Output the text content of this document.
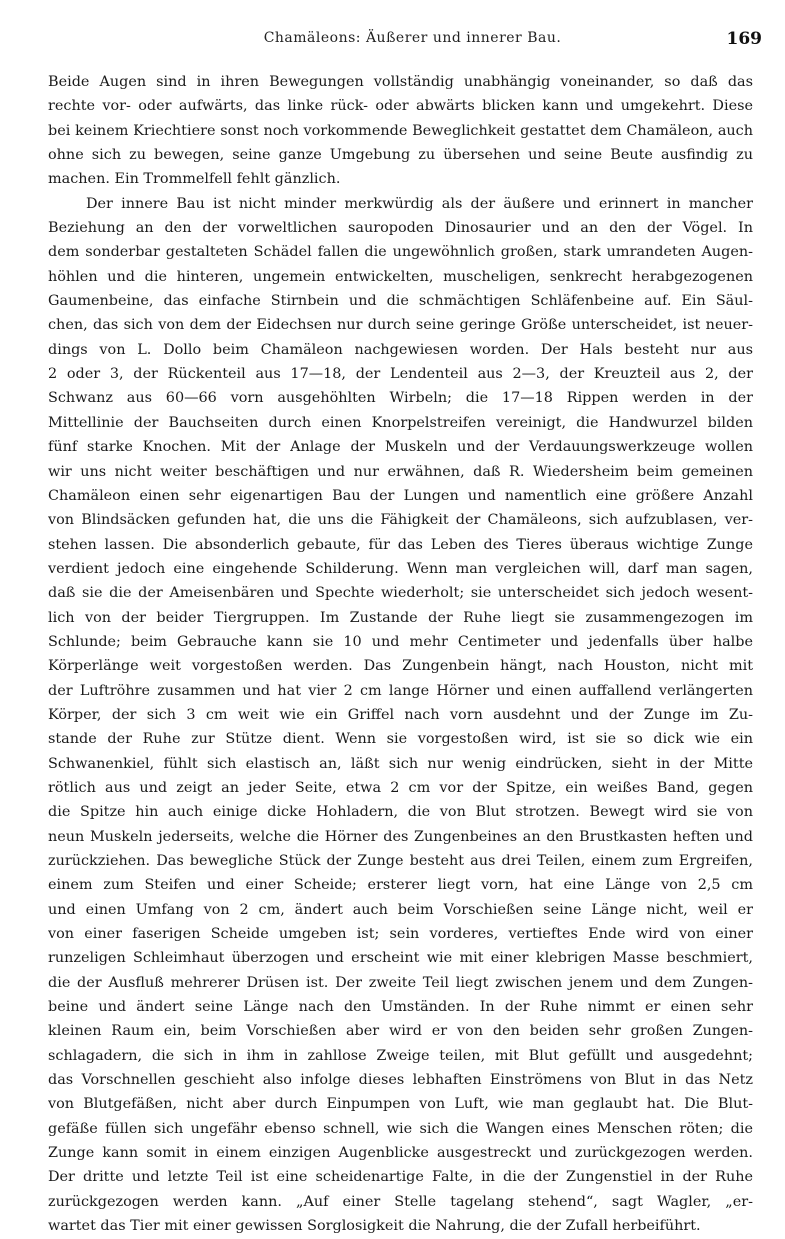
Chamäleons: Äußerer und innerer Bau.	169
Beide Augen sind in ihren Bewegungen vollständig unabhängig voneinander, so daß das
rechte vor- oder aufwärts, das linke rück- oder abwärts blicken kann und umgekehrt. Diese
bei keinem Kriechtiere sonst noch vorkommende Beweglichkeit gestattet dem Chamäleon, auch
ohne sich zu bewegen, seine ganze Umgebung zu übersehen und seine Beute ausfindig zu
machen. Ein Trommelfell fehlt gänzlich.
Der innere Bau ist nicht minder merkwürdig als der äußere und erinnert in mancher
Beziehung an den der vorweltlichen sauropoden Dinosaurier und an den der Vögel. In
dem sonderbar gestalteten Schädel fallen die ungewöhnlich großen, stark umrandeten Augen-
höhlen und die hinteren, ungemein entwickelten, muscheligen, senkrecht herabgezogenen
Gaumenbeine, das einfache Stirnbein und die schmächtigen Schläfenbeine auf. Ein Säul-
chen, das sich von dem der Eidechsen nur durch seine geringe Größe unterscheidet, ist neuer-
dings von L. Dollo beim Chamäleon nachgewiesen worden. Der Hals besteht nur aus
2 oder 3, der Rückenteil aus 17—18, der Lendenteil aus 2—3, der Kreuzteil aus 2, der
Schwanz aus 60—66 vorn ausgehöhlten Wirbeln; die 17—18 Rippen werden in der
Mittellinie der Bauchseiten durch einen Knorpelstreifen vereinigt, die Handwurzel bilden
fünf starke Knochen. Mit der Anlage der Muskeln und der Verdauungswerkzeuge wollen
wir uns nicht weiter beschäftigen und nur erwähnen, daß R. Wiedersheim beim gemeinen
Chamäleon einen sehr eigenartigen Bau der Lungen und namentlich eine größere Anzahl
von Blindsäcken gefunden hat, die uns die Fähigkeit der Chamäleons, sich aufzublasen, ver-
stehen lassen. Die absonderlich gebaute, für das Leben des Tieres überaus wichtige Zunge
verdient jedoch eine eingehende Schilderung. Wenn man vergleichen will, darf man sagen,
daß sie die der Ameisenbären und Spechte wiederholt; sie unterscheidet sich jedoch wesent-
lich von der beider Tiergruppen. Im Zustande der Ruhe liegt sie zusammengezogen im
Schlunde; beim Gebrauche kann sie 10 und mehr Centimeter und jedenfalls über halbe
Körperlänge weit vorgestoßen werden. Das Zungenbein hängt, nach Houston, nicht mit
der Luftröhre zusammen und hat vier 2 cm lange Hörner und einen auffallend verlängerten
Körper, der sich 3 cm weit wie ein Griffel nach vorn ausdehnt und der Zunge im Zu-
stande der Ruhe zur Stütze dient. Wenn sie vorgestoßen wird, ist sie so dick wie ein
Schwanenkiel, fühlt sich elastisch an, läßt sich nur wenig eindrücken, sieht in der Mitte
rötlich aus und zeigt an jeder Seite, etwa 2 cm vor der Spitze, ein weißes Band, gegen
die Spitze hin auch einige dicke Hohladern, die von Blut strotzen. Bewegt wird sie von
neun Muskeln jederseits, welche die Hörner des Zungenbeines an den Brustkasten heften und
zurückziehen. Das bewegliche Stück der Zunge besteht aus drei Teilen, einem zum Ergreifen,
einem zum Steifen und einer Scheide; ersterer liegt vorn, hat eine Länge von 2,5 cm
und einen Umfang von 2 cm, ändert auch beim Vorschießen seine Länge nicht, weil er
von einer faserigen Scheide umgeben ist; sein vorderes, vertieftes Ende wird von einer
runzeligen Schleimhaut überzogen und erscheint wie mit einer klebrigen Masse beschmiert,
die der Ausfluß mehrerer Drüsen ist. Der zweite Teil liegt zwischen jenem und dem Zungen-
beine und ändert seine Länge nach den Umständen. In der Ruhe nimmt er einen sehr
kleinen Raum ein, beim Vorschießen aber wird er von den beiden sehr großen Zungen-
schlagadern, die sich in ihm in zahllose Zweige teilen, mit Blut gefüllt und ausgedehnt;
das Vorschnellen geschieht also infolge dieses lebhaften Einströmens von Blut in das Netz
von Blutgefäßen, nicht aber durch Einpumpen von Luft, wie man geglaubt hat. Die Blut-
gefäße füllen sich ungefähr ebenso schnell, wie sich die Wangen eines Menschen röten; die
Zunge kann somit in einem einzigen Augenblicke ausgestreckt und zurückgezogen werden.
Der dritte und letzte Teil ist eine scheidenartige Falte, in die der Zungenstiel in der Ruhe
zurückgezogen werden kann. „Auf einer Stelle tagelang stehend“, sagt Wagler, „er-
wartet das Tier mit einer gewissen Sorglosigkeit die Nahrung, die der Zufall herbeiführt.
